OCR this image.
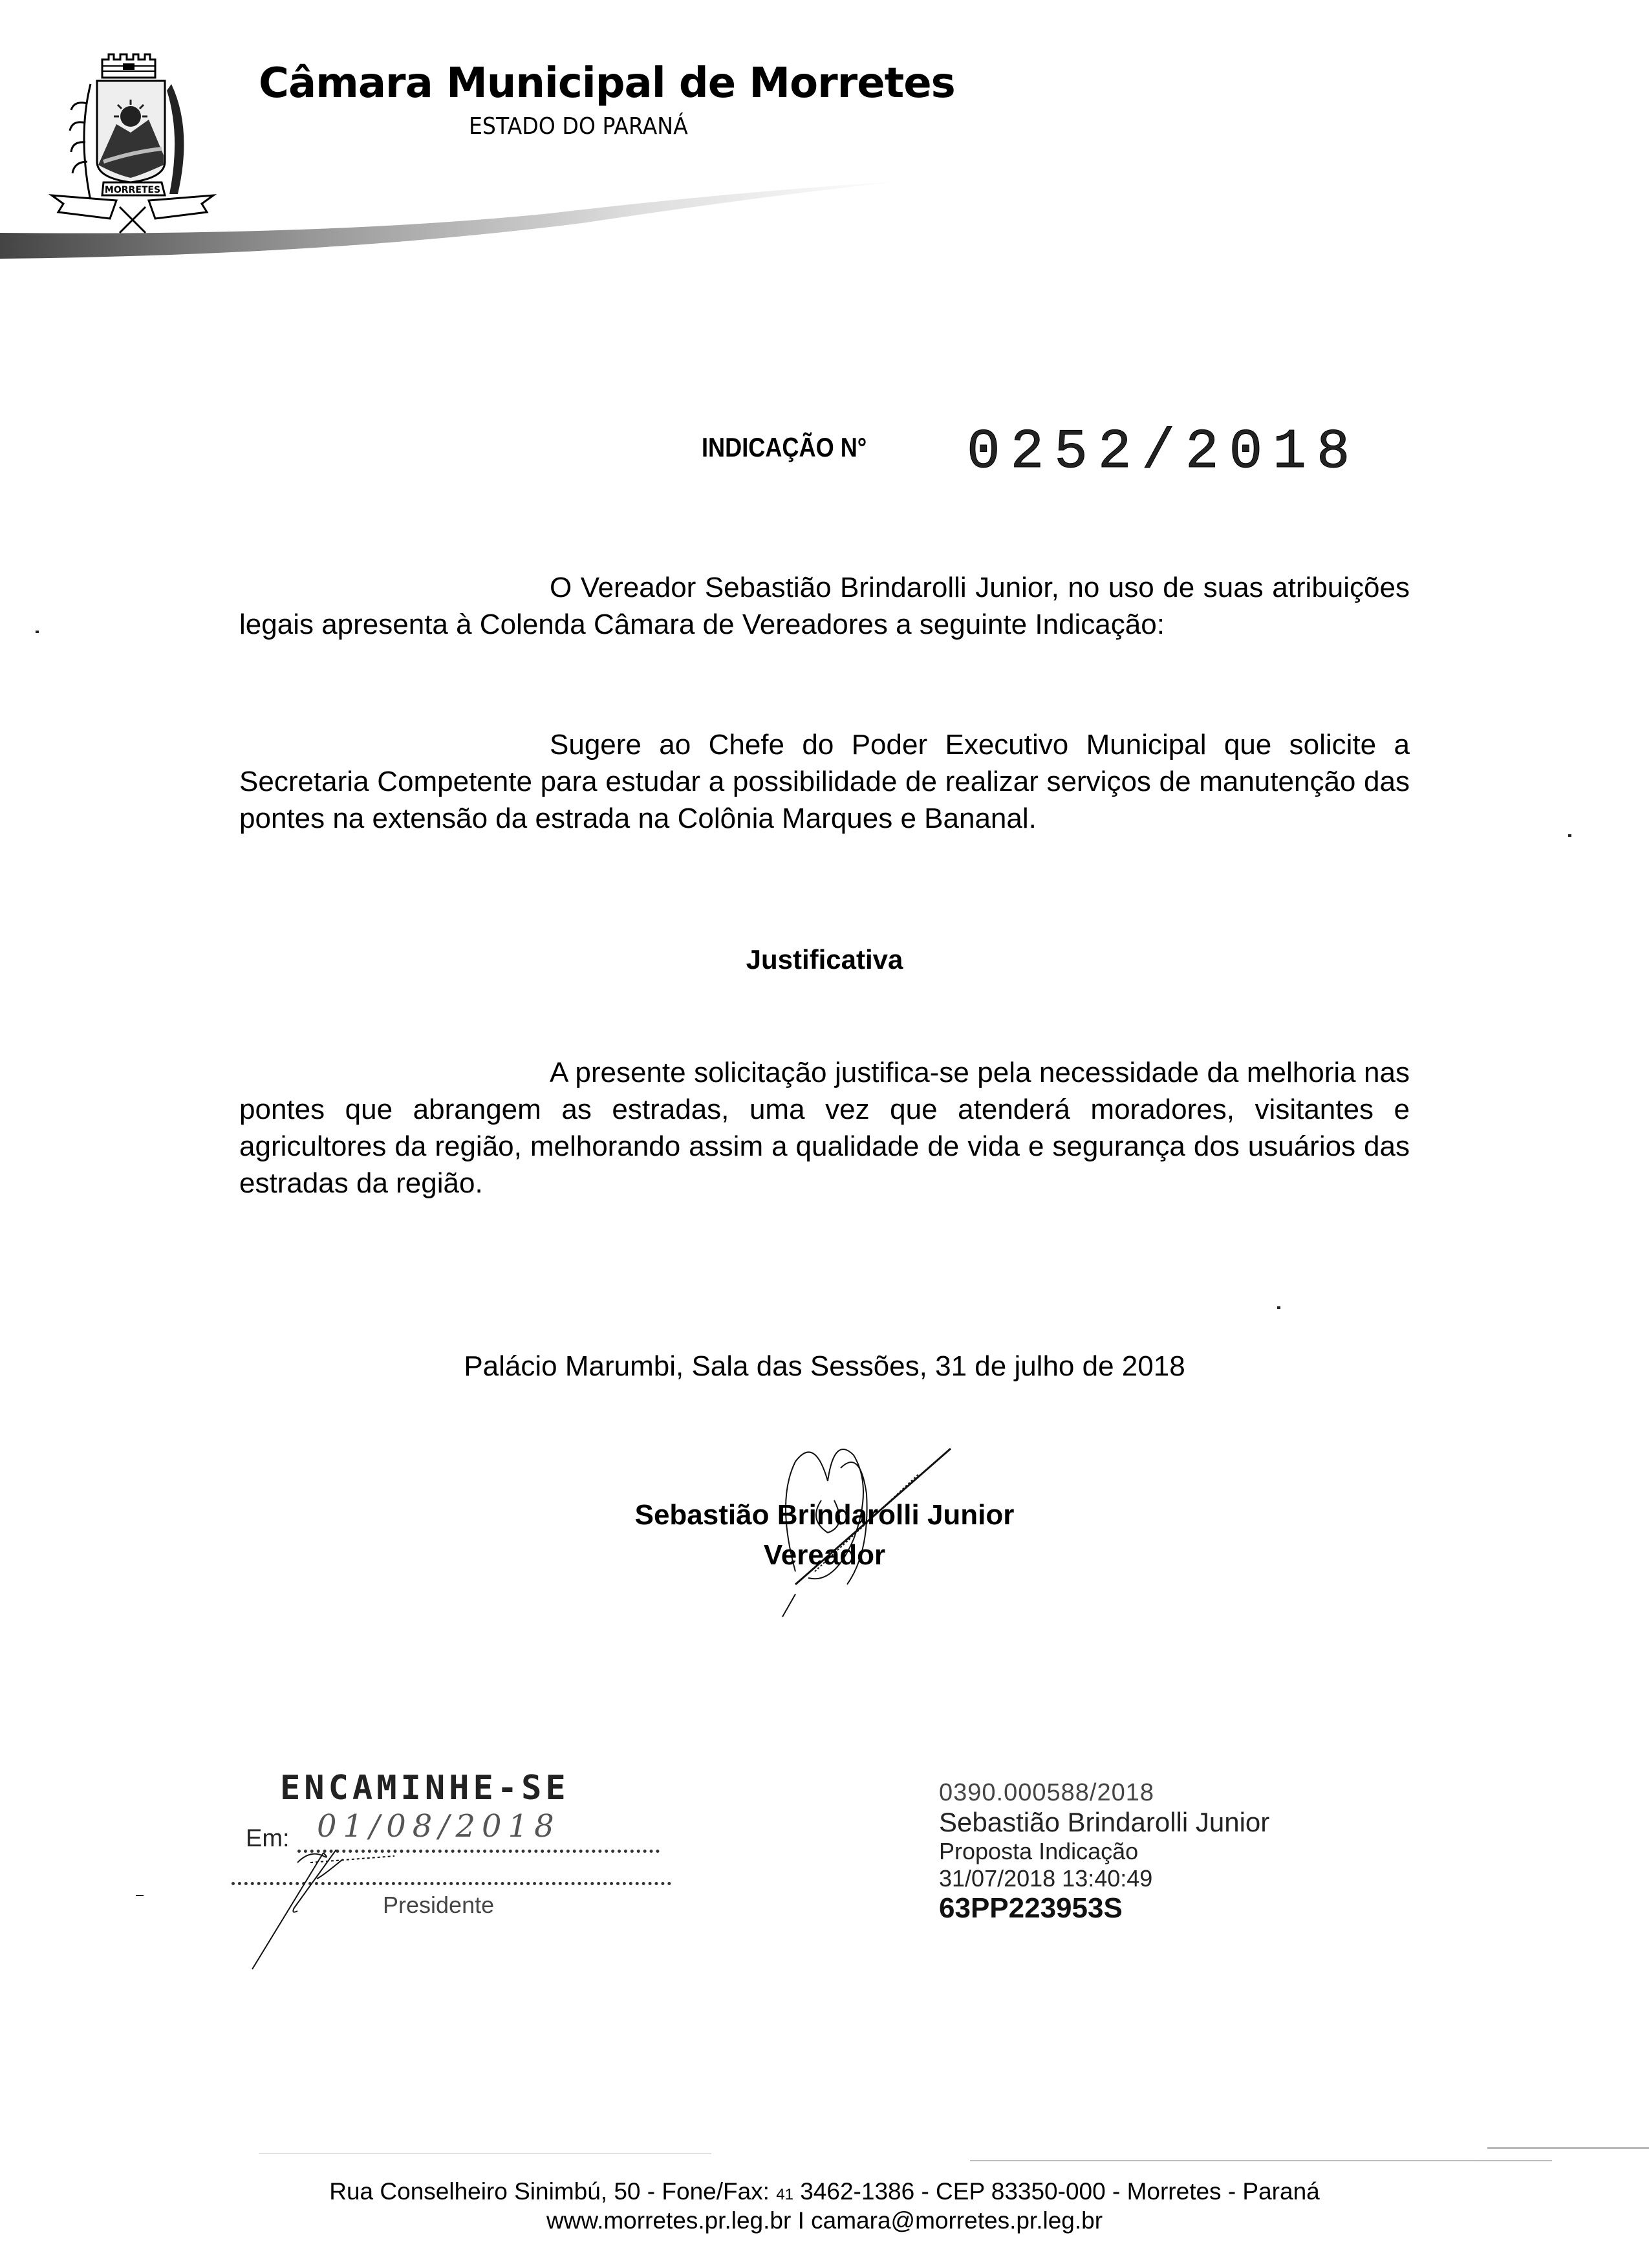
MORRETES
Câmara Municipal de Morretes
ESTADO DO PARANÁ
INDICAÇÃO N° 0252/2018
O Vereador Sebastião Brindarolli Junior, no uso de suas atribuições legais apresenta à Colenda Câmara de Vereadores a seguinte Indicação:
Sugere ao Chefe do Poder Executivo Municipal que solicite a Secretaria Competente para estudar a possibilidade de realizar serviços de manutenção das pontes na extensão da estrada na Colônia Marques e Bananal.
Justificativa
A presente solicitação justifica-se pela necessidade da melhoria nas pontes que abrangem as estradas, uma vez que atenderá moradores, visitantes e agricultores da região, melhorando assim a qualidade de vida e segurança dos usuários das estradas da região.
Palácio Marumbi, Sala das Sessões, 31 de julho de 2018
Sebastião Brindarolli Junior
Vereador
ENCAMINHE-SE
Em: 01/08/2018
Presidente
0390.000588/2018
Sebastião Brindarolli Junior
Proposta Indicação
31/07/2018 13:40:49
63PP223953S
Rua Conselheiro Sinimbú, 50 - Fone/Fax: 41 3462-1386 - CEP 83350-000 - Morretes - Paraná
www.morretes.pr.leg.br I camara@morretes.pr.leg.br
